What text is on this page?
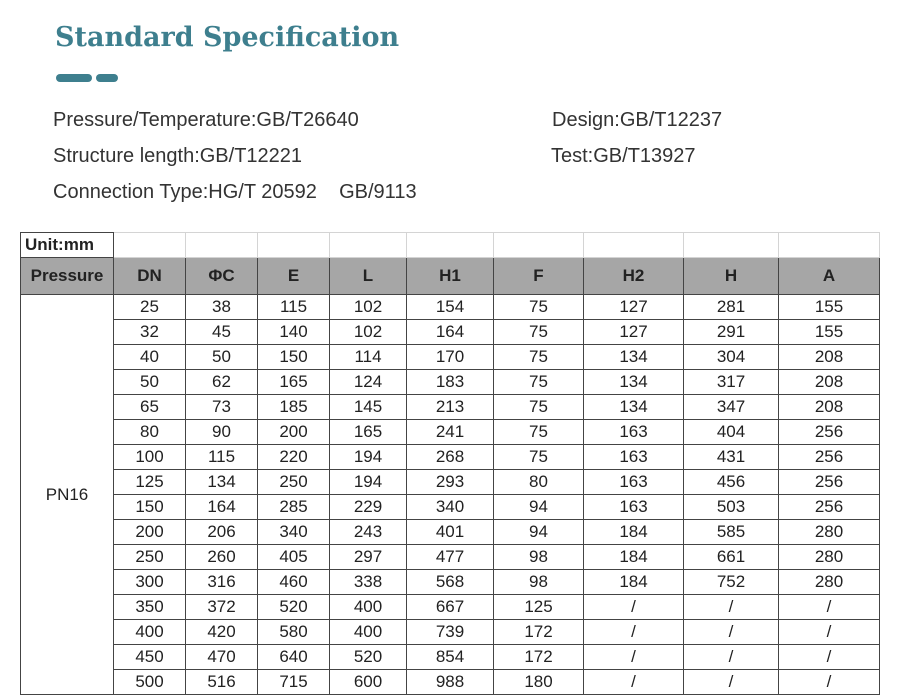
Standard Specification
Pressure/Temperature:GB/T26640	Design:GB/T12237
Structure length:GB/T12221	Test:GB/T13927
Connection Type:HG/T 20592    GB/9113
Unit:mm									
Pressure	DN	ΦC	E	L	H1	F	H2	H	A
PN16	25	38	115	102	154	75	127	281	155
	32	45	140	102	164	75	127	291	155
	40	50	150	114	170	75	134	304	208
	50	62	165	124	183	75	134	317	208
	65	73	185	145	213	75	134	347	208
	80	90	200	165	241	75	163	404	256
	100	115	220	194	268	75	163	431	256
	125	134	250	194	293	80	163	456	256
	150	164	285	229	340	94	163	503	256
	200	206	340	243	401	94	184	585	280
	250	260	405	297	477	98	184	661	280
	300	316	460	338	568	98	184	752	280
	350	372	520	400	667	125	/	/	/
	400	420	580	400	739	172	/	/	/
	450	470	640	520	854	172	/	/	/
	500	516	715	600	988	180	/	/	/
